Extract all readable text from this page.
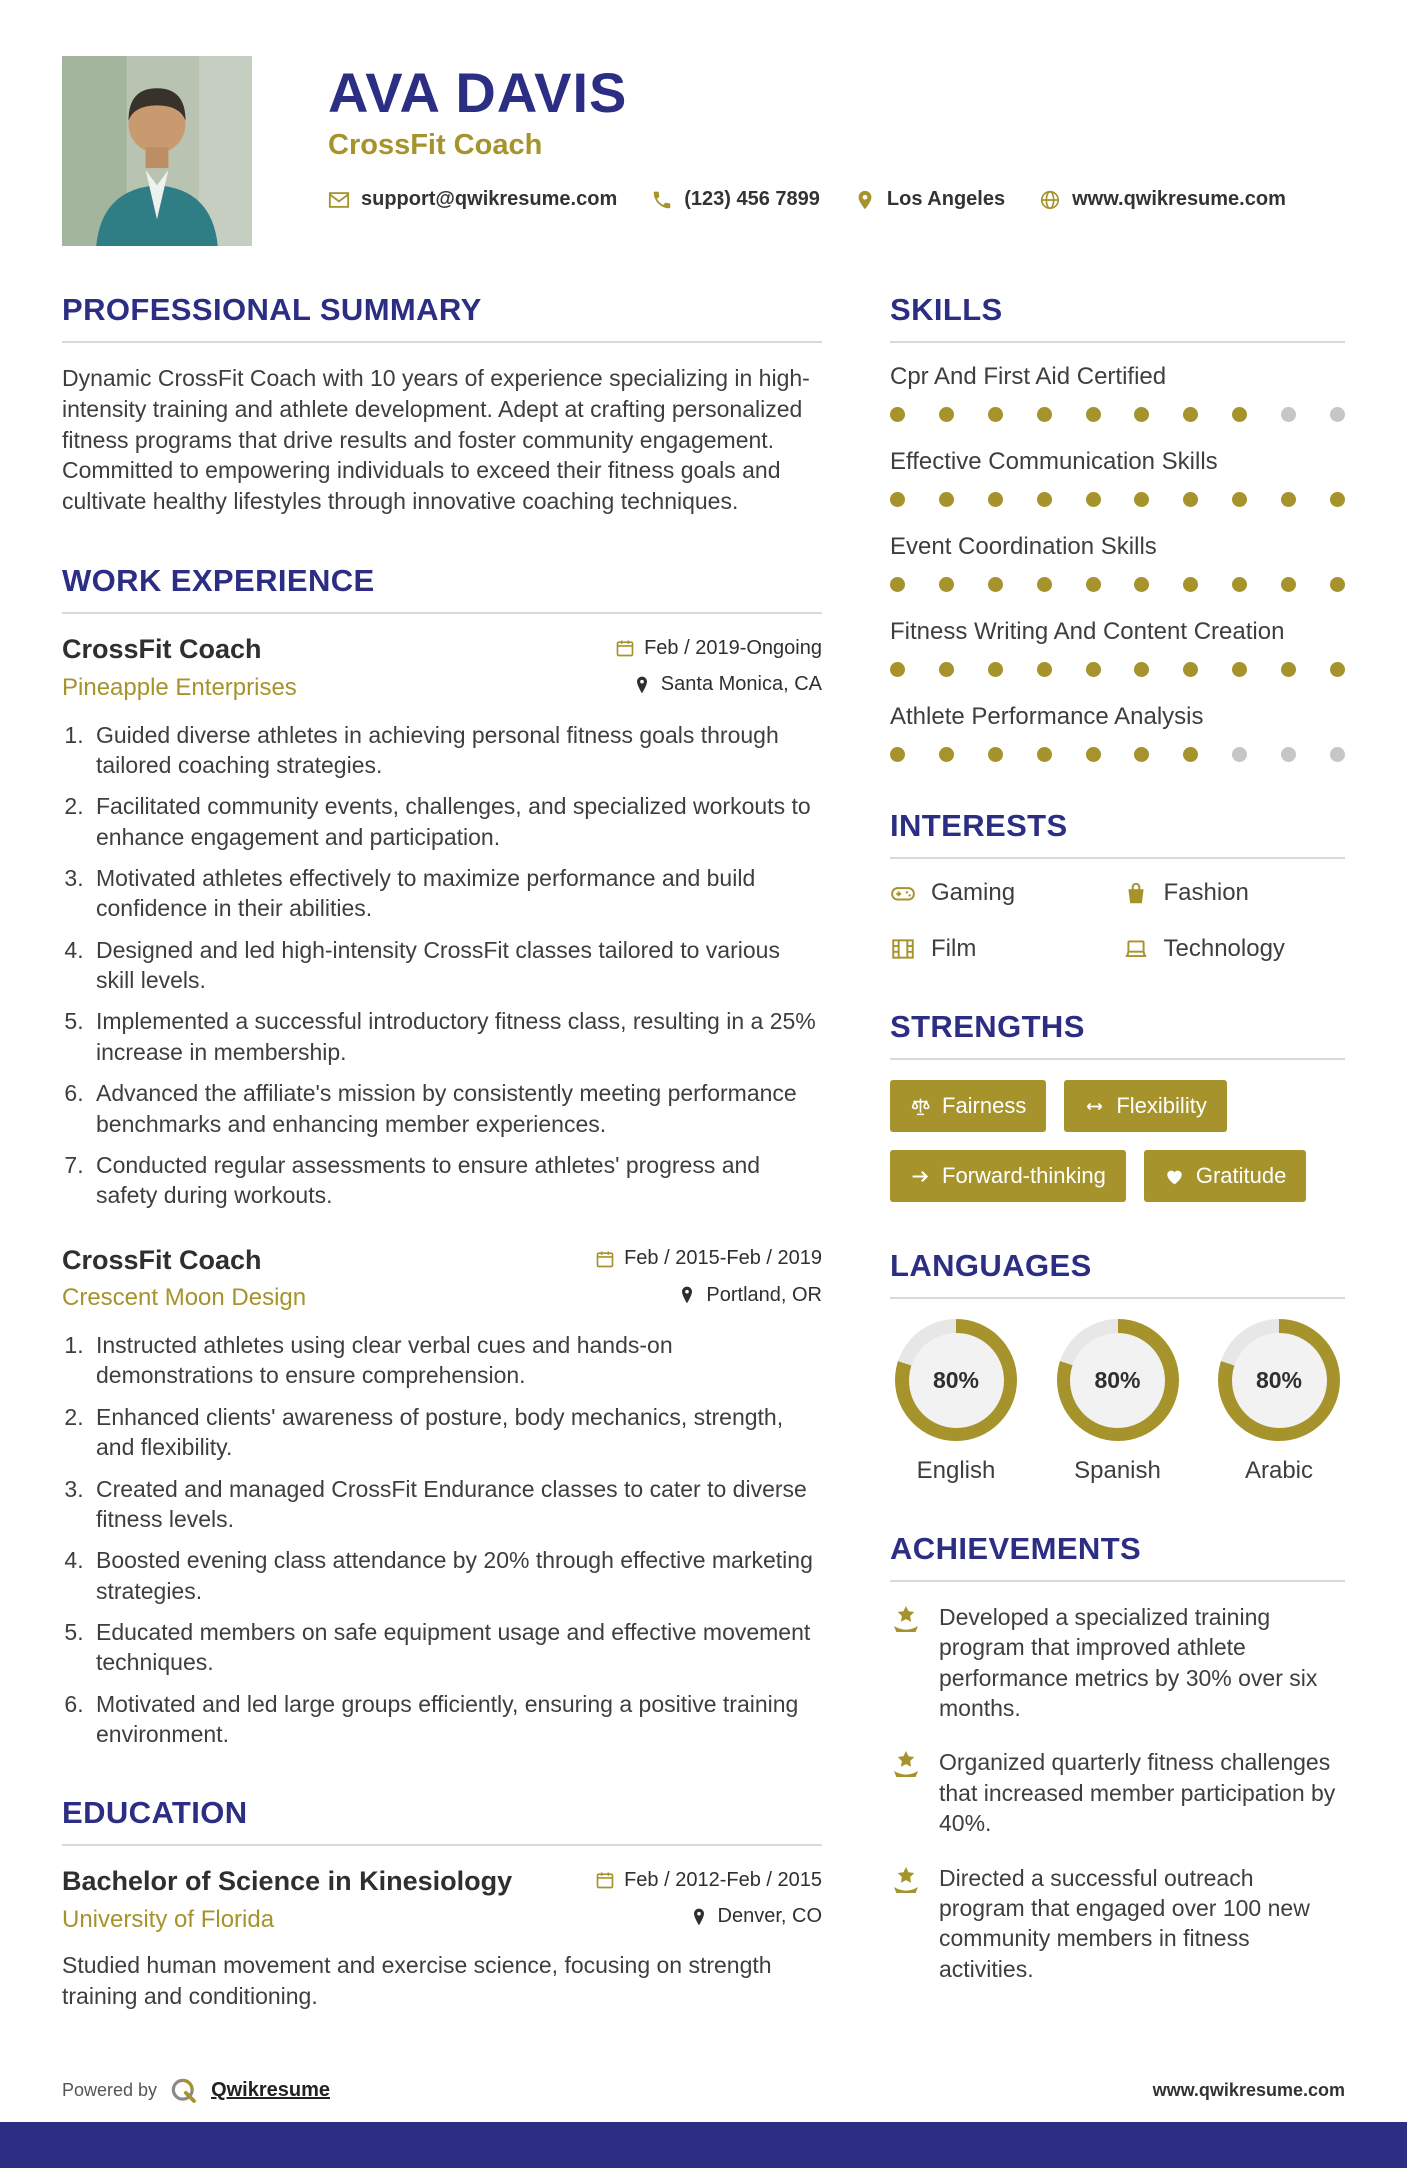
AVA DAVIS
CrossFit Coach
support@qwikresume.com	(123) 456 7899	Los Angeles	www.qwikresume.com
PROFESSIONAL SUMMARY

Dynamic CrossFit Coach with 10 years of experience specializing in high-intensity training and athlete development. Adept at crafting personalized fitness programs that drive results and foster community engagement. Committed to empowering individuals to exceed their fitness goals and cultivate healthy lifestyles through innovative coaching techniques.

WORK EXPERIENCE
CrossFit Coach	Feb / 2019-Ongoing
Pineapple Enterprises	Santa Monica, CA
1. Guided diverse athletes in achieving personal fitness goals through tailored coaching strategies.
2. Facilitated community events, challenges, and specialized workouts to enhance engagement and participation.
3. Motivated athletes effectively to maximize performance and build confidence in their abilities.
4. Designed and led high-intensity CrossFit classes tailored to various skill levels.
5. Implemented a successful introductory fitness class, resulting in a 25% increase in membership.
6. Advanced the affiliate's mission by consistently meeting performance benchmarks and enhancing member experiences.
7. Conducted regular assessments to ensure athletes' progress and safety during workouts.
CrossFit Coach	Feb / 2015-Feb / 2019
Crescent Moon Design	Portland, OR
1. Instructed athletes using clear verbal cues and hands-on demonstrations to ensure comprehension.
2. Enhanced clients' awareness of posture, body mechanics, strength, and flexibility.
3. Created and managed CrossFit Endurance classes to cater to diverse fitness levels.
4. Boosted evening class attendance by 20% through effective marketing strategies.
5. Educated members on safe equipment usage and effective movement techniques.
6. Motivated and led large groups efficiently, ensuring a positive training environment.
EDUCATION
Bachelor of Science in Kinesiology	Feb / 2012-Feb / 2015
University of Florida	Denver, CO

Studied human movement and exercise science, focusing on strength training and conditioning.

SKILLS
Cpr And First Aid Certified
Effective Communication Skills
Event Coordination Skills
Fitness Writing And Content Creation
Athlete Performance Analysis
INTERESTS
Gaming	Fashion
Film	Technology
STRENGTHS
Fairness	Flexibility
Forward-thinking	Gratitude
LANGUAGES
80%
English
80%
Spanish
80%
Arabic
ACHIEVEMENTS
Developed a specialized training program that improved athlete performance metrics by 30% over six months.
Organized quarterly fitness challenges that increased member participation by 40%.
Directed a successful outreach program that engaged over 100 new community members in fitness activities.
Powered by	Qwikresume	www.qwikresume.com
